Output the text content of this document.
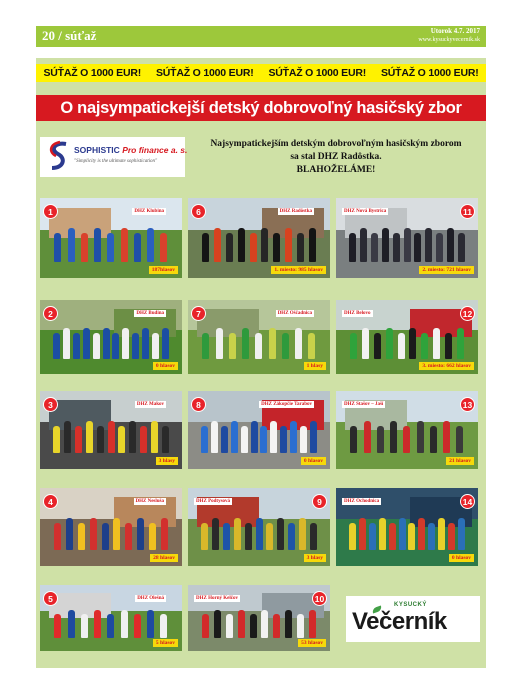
20 / súťaž	Utorok 4.7. 2017
www.kysuckyvecernik.sk
SÚŤAŽ O 1000 EUR! SÚŤAŽ O 1000 EUR! SÚŤAŽ O 1000 EUR! SÚŤAŽ O 1000 EUR!
O najsympatickejší detský dobrovoľný hasičský zbor
SOPHISTIC Pro finance a. s.
"Simplicity is the ultimate sophistication"
Najsympatickejším detským dobrovoľným hasičským zborom
sa stal DHZ Radôstka.
BLAHOŽELÁME!
1	DHZ Klubina
187hlasov
6	DHZ Radôstka
1. miesto: 985 hlasov
11
DHZ Nová Bystrica
2. miesto: 721 hlasov
2	DHZ Budina
0 hlasov
7	DHZ Oščadnica
1 hlasy
12
DHZ Belovo
3. miesto: 662 hlasov
3	DHZ Makov
3 hlasy
8	DHZ Zákopčie Tarabov
0 hlasov
13
DHZ Stašov – Jaší
21 hlasov
4	DHZ Nesluša
28 hlasov
9
DHZ Podtysová
3 hlasy
14
DHZ Ochodnica
0 hlasov
5	DHZ Olešná
5 hlasov
10
DHZ Horný Kelčov
53 hlasov
KYSUCKÝ
Večerník
